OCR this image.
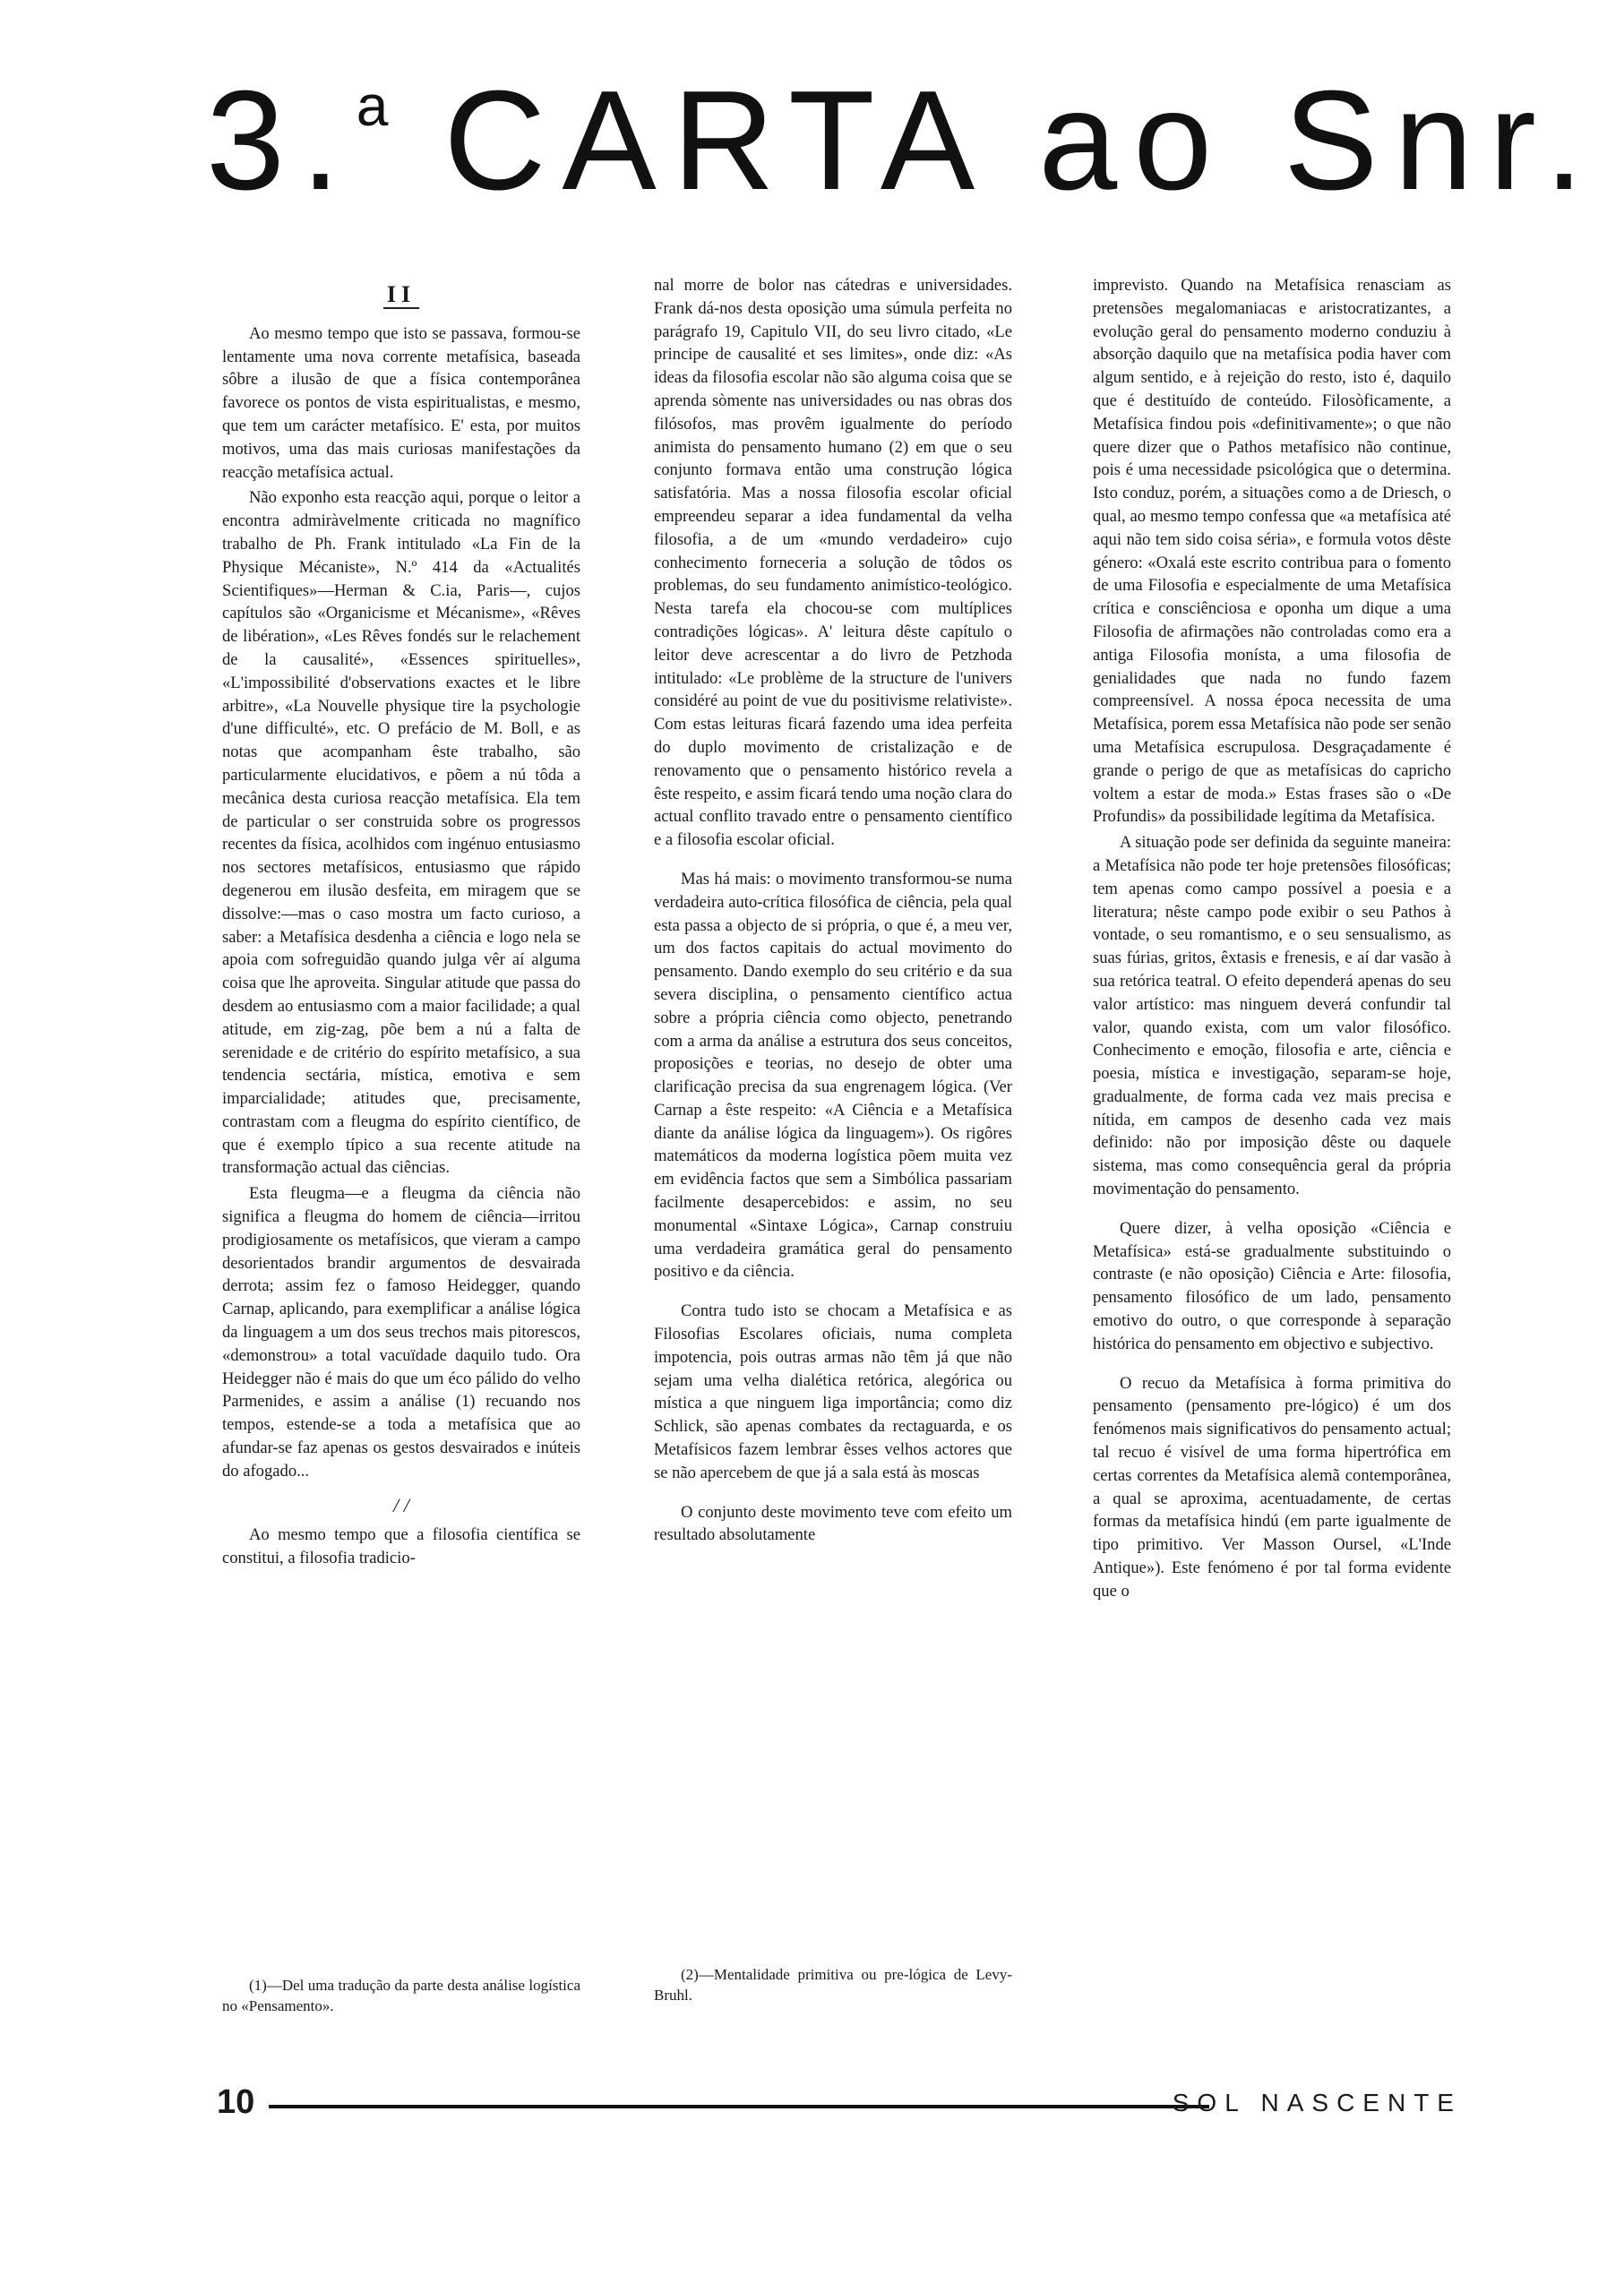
3.$^a$ CARTA ao Snr.
II

Ao mesmo tempo que isto se passava, formou-se lentamente uma nova corrente metafísica, baseada sôbre a ilusão de que a física contemporânea favorece os pontos de vista espiritualistas, e mesmo, que tem um carácter metafísico. E' esta, por muitos motivos, uma das mais curiosas manifestações da reacção metafísica actual.

Não exponho esta reacção aqui, porque o leitor a encontra admiràvelmente criticada no magnífico trabalho de Ph. Frank intitulado «La Fin de la Physique Mécaniste», N.º 414 da «Actualités Scientifiques»—Herman & C.ia, Paris—, cujos capítulos são «Organicisme et Mécanisme», «Rêves de libération», «Les Rêves fondés sur le relachement de la causalité», «Essences spirituelles», «L'impossibilité d'observations exactes et le libre arbitre», «La Nouvelle physique tire la psychologie d'une difficulté», etc. O prefácio de M. Boll, e as notas que acompanham êste trabalho, são particularmente elucidativos, e põem a nú tôda a mecânica desta curiosa reacção metafísica. Ela tem de particular o ser construida sobre os progressos recentes da física, acolhidos com ingénuo entusiasmo nos sectores metafísicos, entusiasmo que rápido degenerou em ilusão desfeita, em miragem que se dissolve:—mas o caso mostra um facto curioso, a saber: a Metafísica desdenha a ciência e logo nela se apoia com sofreguidão quando julga vêr aí alguma coisa que lhe aproveita. Singular atitude que passa do desdem ao entusiasmo com a maior facilidade; a qual atitude, em zig-zag, põe bem a nú a falta de serenidade e de critério do espírito metafísico, a sua tendencia sectária, mística, emotiva e sem imparcialidade; atitudes que, precisamente, contrastam com a fleugma do espírito científico, de que é exemplo típico a sua recente atitude na transformação actual das ciências.

Esta fleugma—e a fleugma da ciência não significa a fleugma do homem de ciência—irritou prodigiosamente os metafísicos, que vieram a campo desorientados brandir argumentos de desvairada derrota; assim fez o famoso Heidegger, quando Carnap, aplicando, para exemplificar a análise lógica da linguagem a um dos seus trechos mais pitorescos, «demonstrou» a total vacuïdade daquilo tudo. Ora Heidegger não é mais do que um éco pálido do velho Parmenides, e assim a análise (1) recuando nos tempos, estende-se a toda a metafísica que ao afundar-se faz apenas os gestos desvairados e inúteis do afogado...

/ /

Ao mesmo tempo que a filosofia científica se constitui, a filosofia tradicio-

(1)—Del uma tradução da parte desta análise logística no «Pensamento».

nal morre de bolor nas cátedras e universidades. Frank dá-nos desta oposição uma súmula perfeita no parágrafo 19, Capitulo VII, do seu livro citado, «Le principe de causalité et ses limites», onde diz: «As ideas da filosofia escolar não são alguma coisa que se aprenda sòmente nas universidades ou nas obras dos filósofos, mas provêm igualmente do período animista do pensamento humano (2) em que o seu conjunto formava então uma construção lógica satisfatória. Mas a nossa filosofia escolar oficial empreendeu separar a idea fundamental da velha filosofia, a de um «mundo verdadeiro» cujo conhecimento forneceria a solução de tôdos os problemas, do seu fundamento animístico-teológico. Nesta tarefa ela chocou-se com multíplices contradições lógicas». A' leitura dêste capítulo o leitor deve acrescentar a do livro de Petzhoda intitulado: «Le problème de la structure de l'univers considéré au point de vue du positivisme relativiste». Com estas leituras ficará fazendo uma idea perfeita do duplo movimento de cristalização e de renovamento que o pensamento histórico revela a êste respeito, e assim ficará tendo uma noção clara do actual conflito travado entre o pensamento científico e a filosofia escolar oficial.

Mas há mais: o movimento transformou-se numa verdadeira auto-crítica filosófica de ciência, pela qual esta passa a objecto de si própria, o que é, a meu ver, um dos factos capitais do actual movimento do pensamento. Dando exemplo do seu critério e da sua severa disciplina, o pensamento científico actua sobre a própria ciência como objecto, penetrando com a arma da análise a estrutura dos seus conceitos, proposições e teorias, no desejo de obter uma clarificação precisa da sua engrenagem lógica. (Ver Carnap a êste respeito: «A Ciência e a Metafísica diante da análise lógica da linguagem»). Os rigôres matemáticos da moderna logística põem muita vez em evidência factos que sem a Simbólica passariam facilmente desapercebidos: e assim, no seu monumental «Sintaxe Lógica», Carnap construiu uma verdadeira gramática geral do pensamento positivo e da ciência.

Contra tudo isto se chocam a Metafísica e as Filosofias Escolares oficiais, numa completa impotencia, pois outras armas não têm já que não sejam uma velha dialética retórica, alegórica ou mística a que ninguem liga importância; como diz Schlick, são apenas combates da rectaguarda, e os Metafísicos fazem lembrar êsses velhos actores que se não apercebem de que já a sala está às moscas

O conjunto deste movimento teve com efeito um resultado absolutamente

(2)—Mentalidade primitiva ou pre-lógica de Levy-Bruhl.

imprevisto. Quando na Metafísica renasciam as pretensões megalomaniacas e aristocratizantes, a evolução geral do pensamento moderno conduziu à absorção daquilo que na metafísica podia haver com algum sentido, e à rejeição do resto, isto é, daquilo que é destituído de conteúdo. Filosòficamente, a Metafísica findou pois «definitivamente»; o que não quere dizer que o Pathos metafísico não continue, pois é uma necessidade psicológica que o determina. Isto conduz, porém, a situações como a de Driesch, o qual, ao mesmo tempo confessa que «a metafísica até aqui não tem sido coisa séria», e formula votos dêste género: «Oxalá este escrito contribua para o fomento de uma Filosofia e especialmente de uma Metafísica crítica e consciênciosa e oponha um dique a uma Filosofia de afirmações não controladas como era a antiga Filosofia monísta, a uma filosofia de genialidades que nada no fundo fazem compreensível. A nossa época necessita de uma Metafísica, porem essa Metafísica não pode ser senão uma Metafísica escrupulosa. Desgraçadamente é grande o perigo de que as metafísicas do capricho voltem a estar de moda.» Estas frases são o «De Profundis» da possibilidade legítima da Metafísica.

A situação pode ser definida da seguinte maneira: a Metafísica não pode ter hoje pretensões filosóficas; tem apenas como campo possível a poesia e a literatura; nêste campo pode exibir o seu Pathos à vontade, o seu romantismo, e o seu sensualismo, as suas fúrias, gritos, êxtasis e frenesis, e aí dar vasão à sua retórica teatral. O efeito dependerá apenas do seu valor artístico: mas ninguem deverá confundir tal valor, quando exista, com um valor filosófico. Conhecimento e emoção, filosofia e arte, ciência e poesia, mística e investigação, separam-se hoje, gradualmente, de forma cada vez mais precisa e nítida, em campos de desenho cada vez mais definido: não por imposição dêste ou daquele sistema, mas como consequência geral da própria movimentação do pensamento.

Quere dizer, à velha oposição «Ciência e Metafísica» está-se gradualmente substituindo o contraste (e não oposição) Ciência e Arte: filosofia, pensamento filosófico de um lado, pensamento emotivo do outro, o que corresponde à separação histórica do pensamento em objectivo e subjectivo.

O recuo da Metafísica à forma primitiva do pensamento (pensamento pre-lógico) é um dos fenómenos mais significativos do pensamento actual; tal recuo é visível de uma forma hipertrófica em certas correntes da Metafísica alemã contemporânea, a qual se aproxima, acentuadamente, de certas formas da metafísica hindú (em parte igualmente de tipo primitivo. Ver Masson Oursel, «L'Inde Antique»). Este fenómeno é por tal forma evidente que o

10	SOL NASCENTE
